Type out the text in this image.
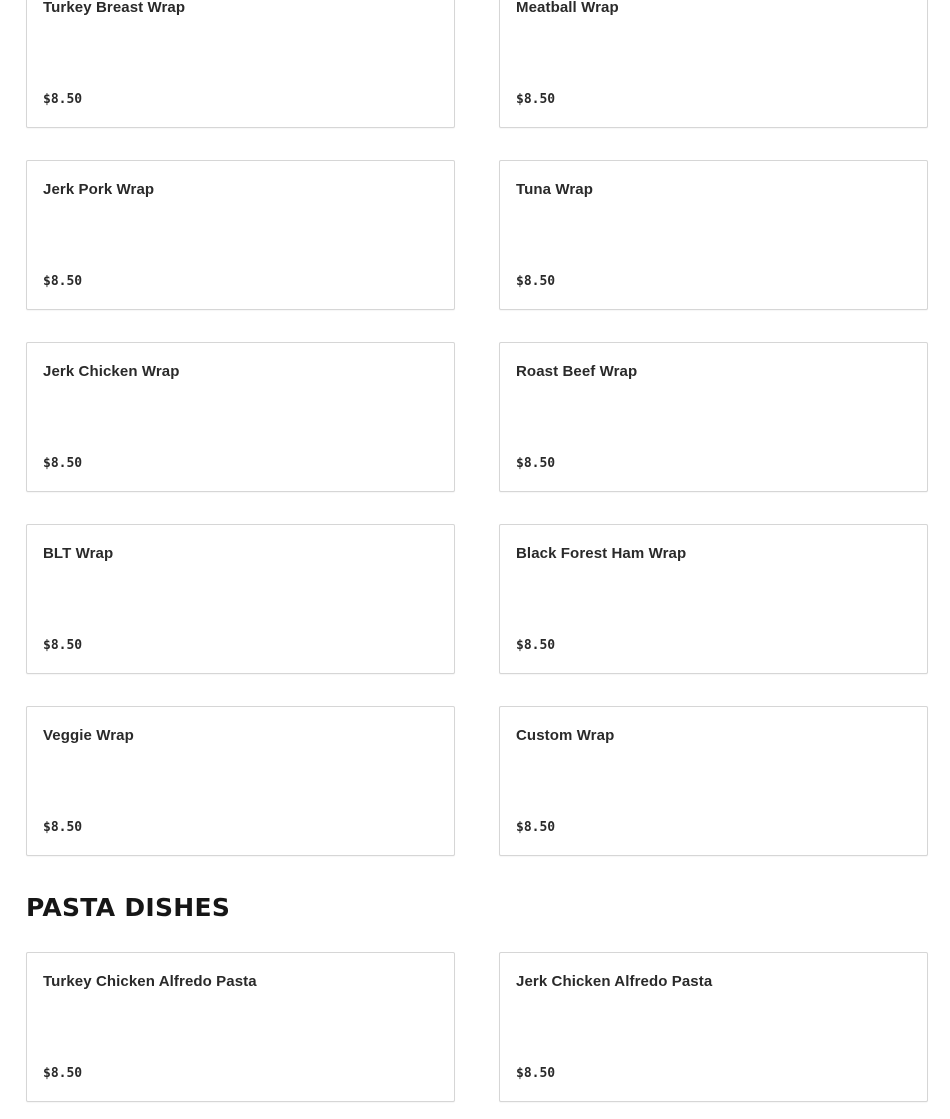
Turkey Breast Wrap
$8.50
Meatball Wrap
$8.50
Jerk Pork Wrap
$8.50
Tuna Wrap
$8.50
Jerk Chicken Wrap
$8.50
Roast Beef Wrap
$8.50
BLT Wrap
$8.50
Black Forest Ham Wrap
$8.50
Veggie Wrap
$8.50
Custom Wrap
$8.50
PASTA DISHES
Turkey Chicken Alfredo Pasta
$8.50
Jerk Chicken Alfredo Pasta
$8.50
